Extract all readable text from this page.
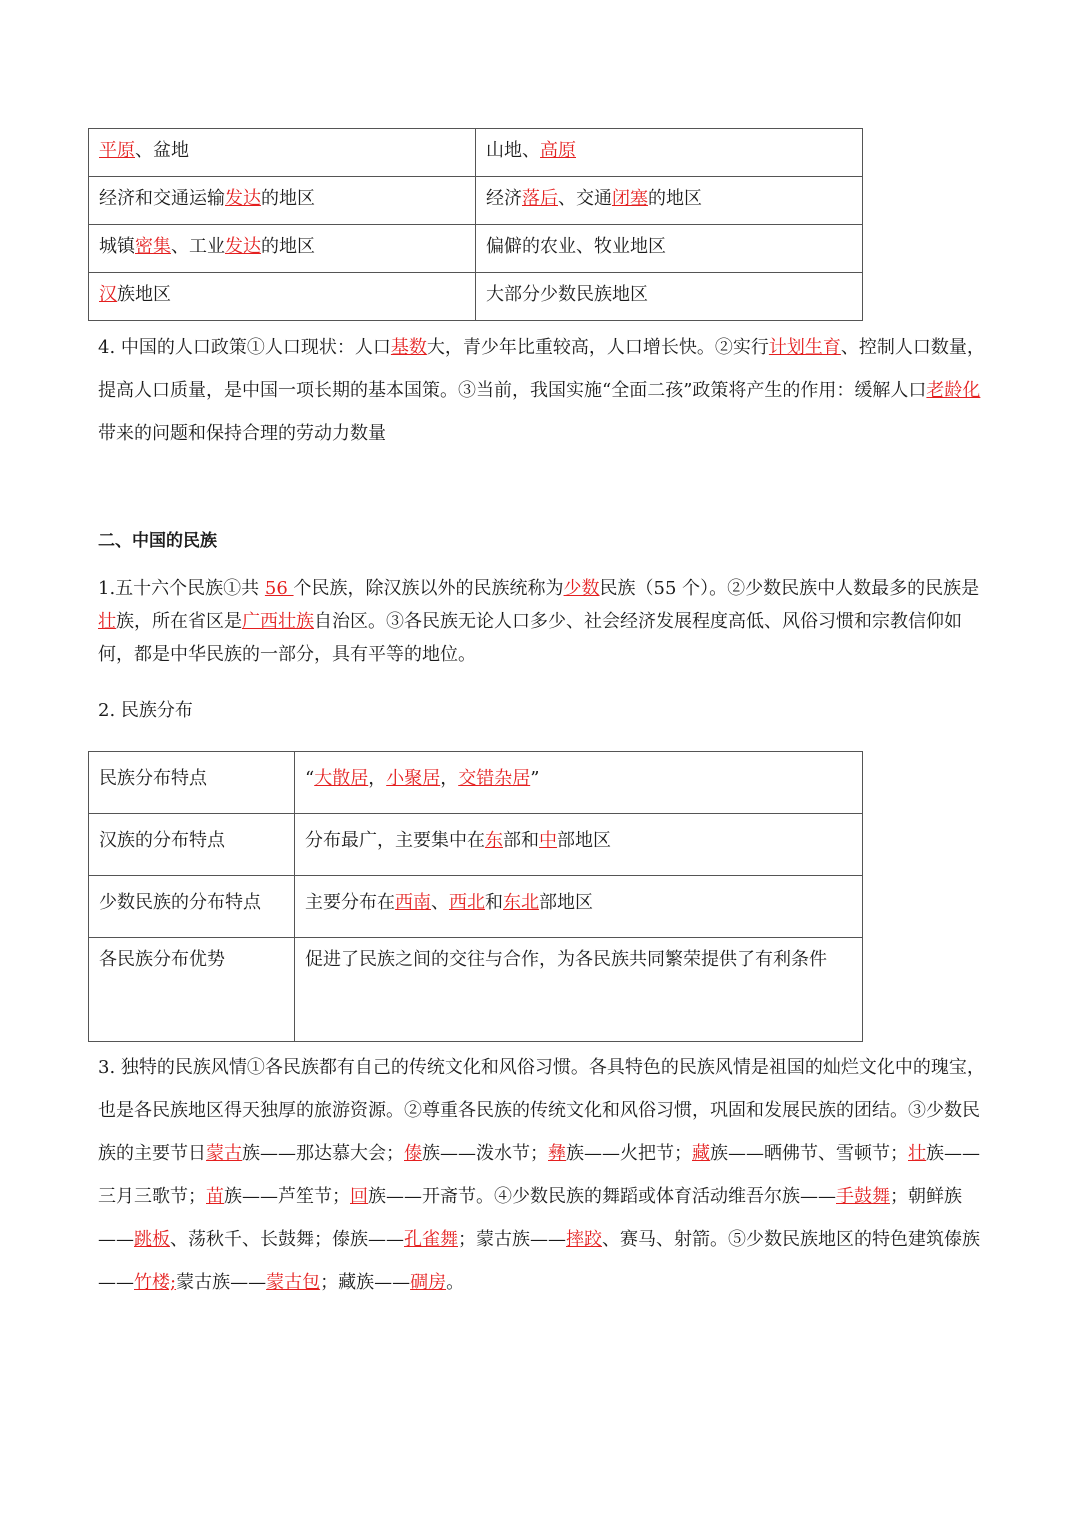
平原、盆地	山地、高原
经济和交通运输发达的地区	经济落后、交通闭塞的地区
城镇密集、工业发达的地区	偏僻的农业、牧业地区
汉族地区	大部分少数民族地区

4. 中国的人口政策①人口现状：人口基数大，青少年比重较高，人口增长快。②实行计划生育、控制人口数量，提高人口质量，是中国一项长期的基本国策。③当前，我国实施“全面二孩”政策将产生的作用：缓解人口老龄化带来的问题和保持合理的劳动力数量

二、中国的民族

1.五十六个民族①共 56 个民族，除汉族以外的民族统称为少数民族（55 个）。②少数民族中人数最多的民族是壮族，所在省区是广西壮族自治区。③各民族无论人口多少、社会经济发展程度高低、风俗习惯和宗教信仰如何，都是中华民族的一部分，具有平等的地位。

2. 民族分布

民族分布特点	“大散居，小聚居，交错杂居”
汉族的分布特点	分布最广，主要集中在东部和中部地区
少数民族的分布特点	主要分布在西南、西北和东北部地区
各民族分布优势	促进了民族之间的交往与合作，为各民族共同繁荣提供了有利条件

3. 独特的民族风情①各民族都有自己的传统文化和风俗习惯。各具特色的民族风情是祖国的灿烂文化中的瑰宝，也是各民族地区得天独厚的旅游资源。②尊重各民族的传统文化和风俗习惯，巩固和发展民族的团结。③少数民族的主要节日蒙古族——那达慕大会；傣族——泼水节；彝族——火把节；藏族——晒佛节、雪顿节；壮族——三月三歌节；苗族——芦笙节；回族——开斋节。④少数民族的舞蹈或体育活动维吾尔族——手鼓舞；朝鲜族——跳板、荡秋千、长鼓舞；傣族——孔雀舞；蒙古族——摔跤、赛马、射箭。⑤少数民族地区的特色建筑傣族——竹楼;蒙古族——蒙古包；藏族——碉房。
